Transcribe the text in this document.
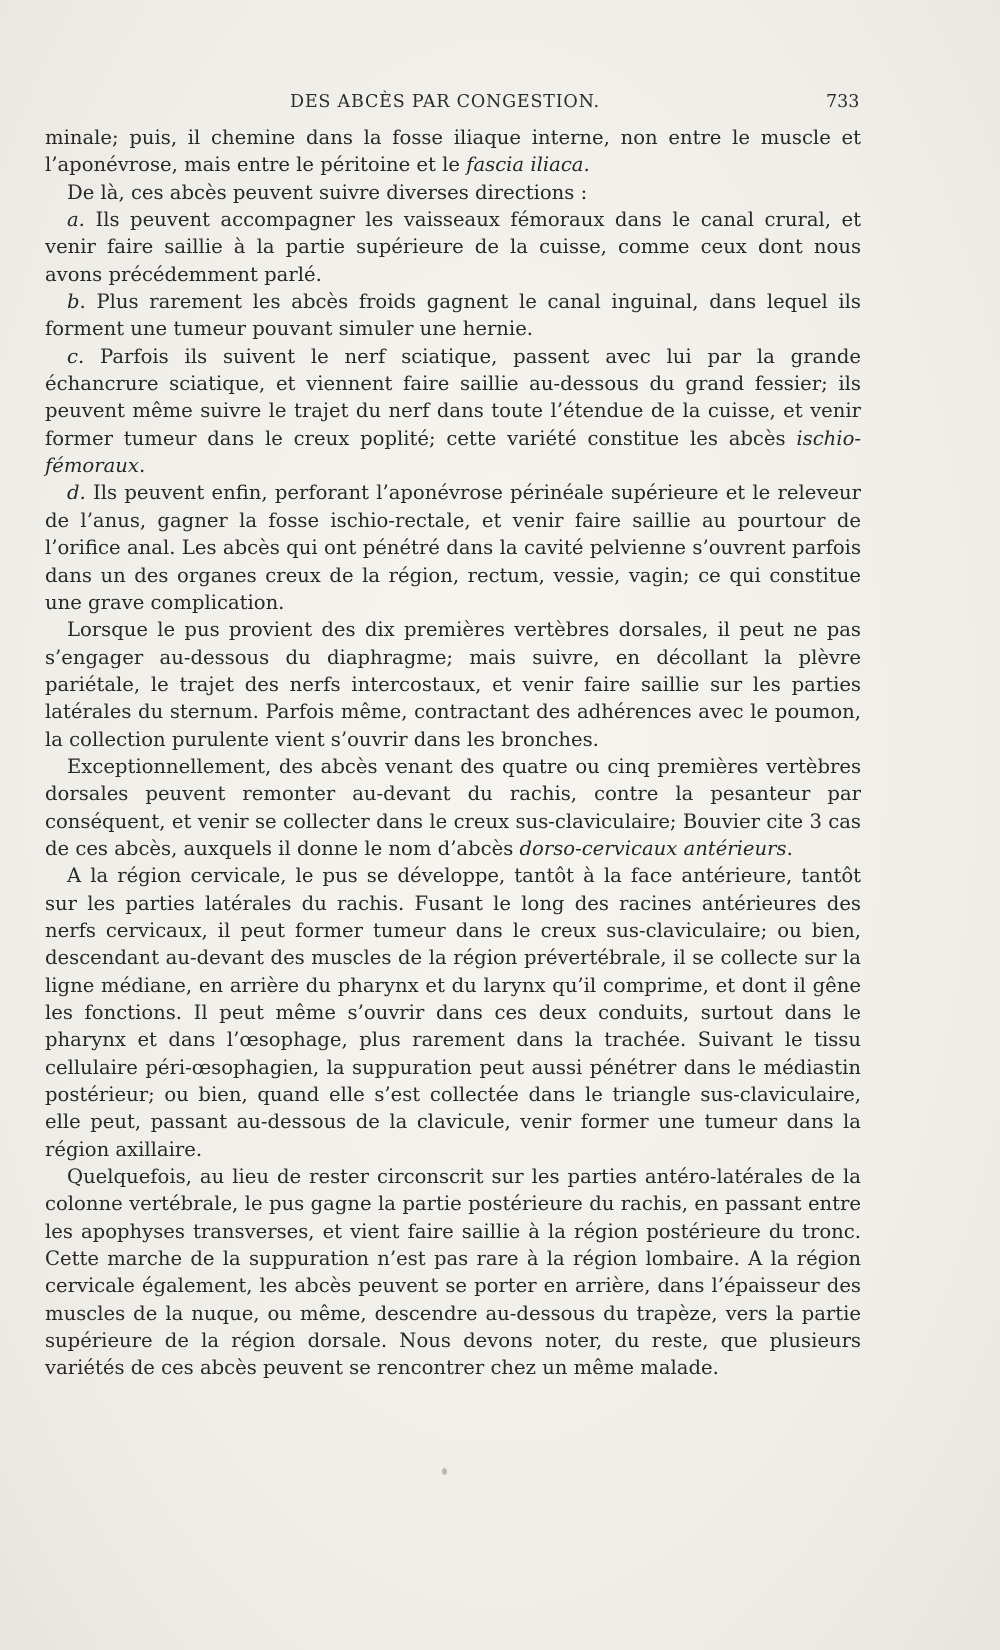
DES ABCÈS PAR CONGESTION.	733

minale; puis, il chemine dans la fosse iliaque interne, non entre le muscle et l’aponévrose, mais entre le péritoine et le fascia iliaca.

De là, ces abcès peuvent suivre diverses directions :

a. Ils peuvent accompagner les vaisseaux fémoraux dans le canal crural, et venir faire saillie à la partie supérieure de la cuisse, comme ceux dont nous avons précédemment parlé.

b. Plus rarement les abcès froids gagnent le canal inguinal, dans lequel ils forment une tumeur pouvant simuler une hernie.

c. Parfois ils suivent le nerf sciatique, passent avec lui par la grande échancrure sciatique, et viennent faire saillie au-dessous du grand fessier; ils peuvent même suivre le trajet du nerf dans toute l’étendue de la cuisse, et venir former tumeur dans le creux poplité; cette variété constitue les abcès ischio-fémoraux.

d. Ils peuvent enfin, perforant l’aponévrose périnéale supérieure et le releveur de l’anus, gagner la fosse ischio-rectale, et venir faire saillie au pourtour de l’orifice anal. Les abcès qui ont pénétré dans la cavité pelvienne s’ouvrent parfois dans un des organes creux de la région, rectum, vessie, vagin; ce qui constitue une grave complication.

Lorsque le pus provient des dix premières vertèbres dorsales, il peut ne pas s’engager au-dessous du diaphragme; mais suivre, en décollant la plèvre pariétale, le trajet des nerfs intercostaux, et venir faire saillie sur les parties latérales du sternum. Parfois même, contractant des adhérences avec le poumon, la collection purulente vient s’ouvrir dans les bronches.

Exceptionnellement, des abcès venant des quatre ou cinq premières vertèbres dorsales peuvent remonter au-devant du rachis, contre la pesanteur par conséquent, et venir se collecter dans le creux sus-claviculaire; Bouvier cite 3 cas de ces abcès, auxquels il donne le nom d’abcès dorso-cervicaux antérieurs.

A la région cervicale, le pus se développe, tantôt à la face antérieure, tantôt sur les parties latérales du rachis. Fusant le long des racines antérieures des nerfs cervicaux, il peut former tumeur dans le creux sus-claviculaire; ou bien, descendant au-devant des muscles de la région prévertébrale, il se collecte sur la ligne médiane, en arrière du pharynx et du larynx qu’il comprime, et dont il gêne les fonctions. Il peut même s’ouvrir dans ces deux conduits, surtout dans le pharynx et dans l’œsophage, plus rarement dans la trachée. Suivant le tissu cellulaire péri-œsophagien, la suppuration peut aussi pénétrer dans le médiastin postérieur; ou bien, quand elle s’est collectée dans le triangle sus-claviculaire, elle peut, passant au-dessous de la clavicule, venir former une tumeur dans la région axillaire.

Quelquefois, au lieu de rester circonscrit sur les parties antéro-latérales de la colonne vertébrale, le pus gagne la partie postérieure du rachis, en passant entre les apophyses transverses, et vient faire saillie à la région postérieure du tronc. Cette marche de la suppuration n’est pas rare à la région lombaire. A la région cervicale également, les abcès peuvent se porter en arrière, dans l’épaisseur des muscles de la nuque, ou même, descendre au-dessous du trapèze, vers la partie supérieure de la région dorsale. Nous devons noter, du reste, que plusieurs variétés de ces abcès peuvent se rencontrer chez un même malade.
